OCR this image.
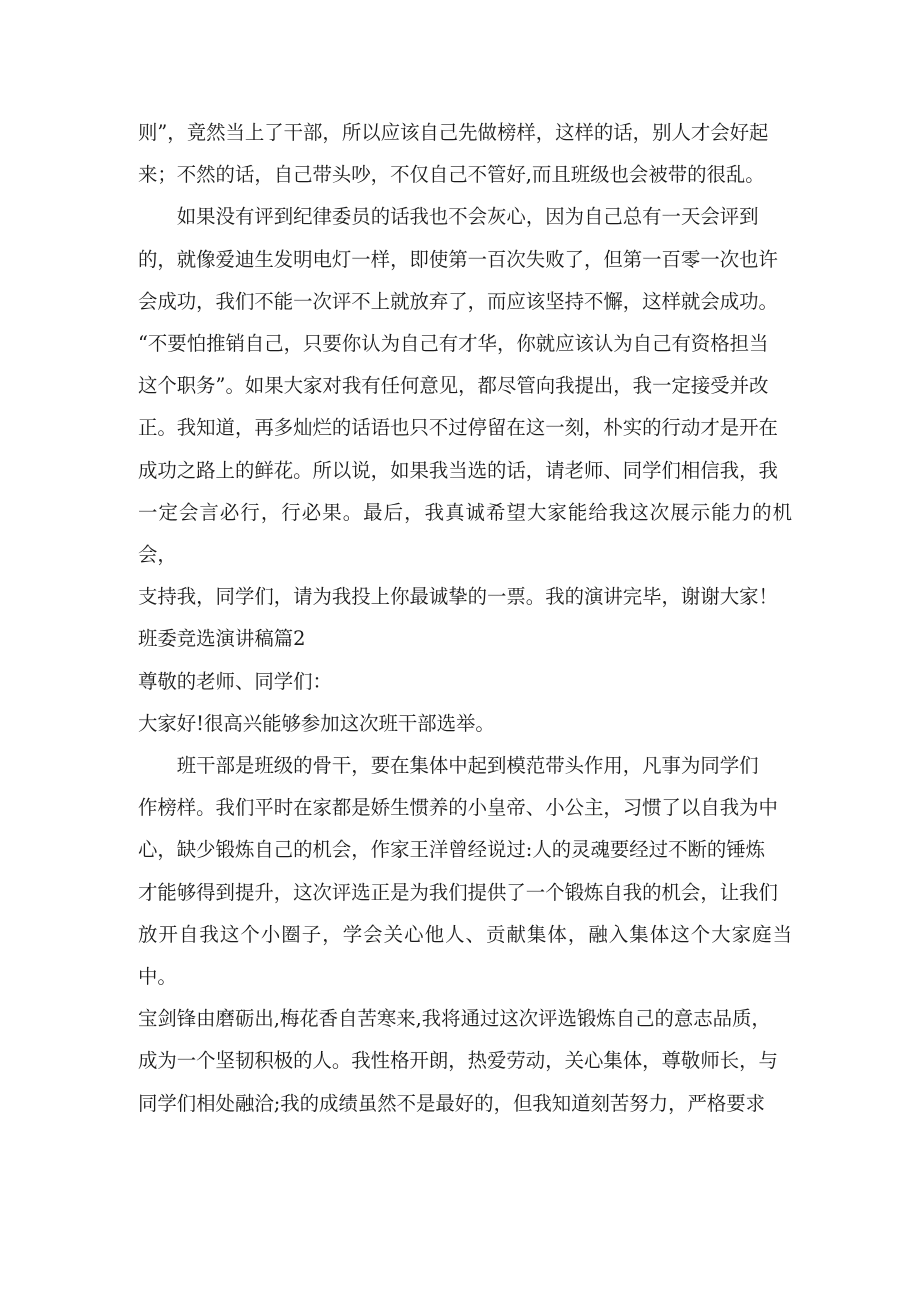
则”，竟然当上了干部，所以应该自己先做榜样，这样的话，别人才会好起
来；不然的话，自己带头吵，不仅自己不管好,而且班级也会被带的很乱。

如果没有评到纪律委员的话我也不会灰心，因为自己总有一天会评到
的，就像爱迪生发明电灯一样，即使第一百次失败了，但第一百零一次也许
会成功，我们不能一次评不上就放弃了，而应该坚持不懈，这样就会成功。
“不要怕推销自己，只要你认为自己有才华，你就应该认为自己有资格担当
这个职务”。如果大家对我有任何意见，都尽管向我提出，我一定接受并改
正。我知道，再多灿烂的话语也只不过停留在这一刻，朴实的行动才是开在
成功之路上的鲜花。所以说，如果我当选的话，请老师、同学们相信我，我
一定会言必行，行必果。最后，我真诚希望大家能给我这次展示能力的机会，
支持我，同学们，请为我投上你最诚挚的一票。我的演讲完毕，谢谢大家！

班委竞选演讲稿篇2

尊敬的老师、同学们：

大家好!很高兴能够参加这次班干部选举。

班干部是班级的骨干，要在集体中起到模范带头作用，凡事为同学们
作榜样。我们平时在家都是娇生惯养的小皇帝、小公主，习惯了以自我为中
心，缺少锻炼自己的机会，作家王洋曾经说过:人的灵魂要经过不断的锤炼
才能够得到提升，这次评选正是为我们提供了一个锻炼自我的机会，让我们
放开自我这个小圈子，学会关心他人、贡献集体，融入集体这个大家庭当中。
宝剑锋由磨砺出,梅花香自苦寒来,我将通过这次评选锻炼自己的意志品质，
成为一个坚韧积极的人。我性格开朗，热爱劳动，关心集体，尊敬师长，与
同学们相处融洽;我的成绩虽然不是最好的，但我知道刻苦努力，严格要求
